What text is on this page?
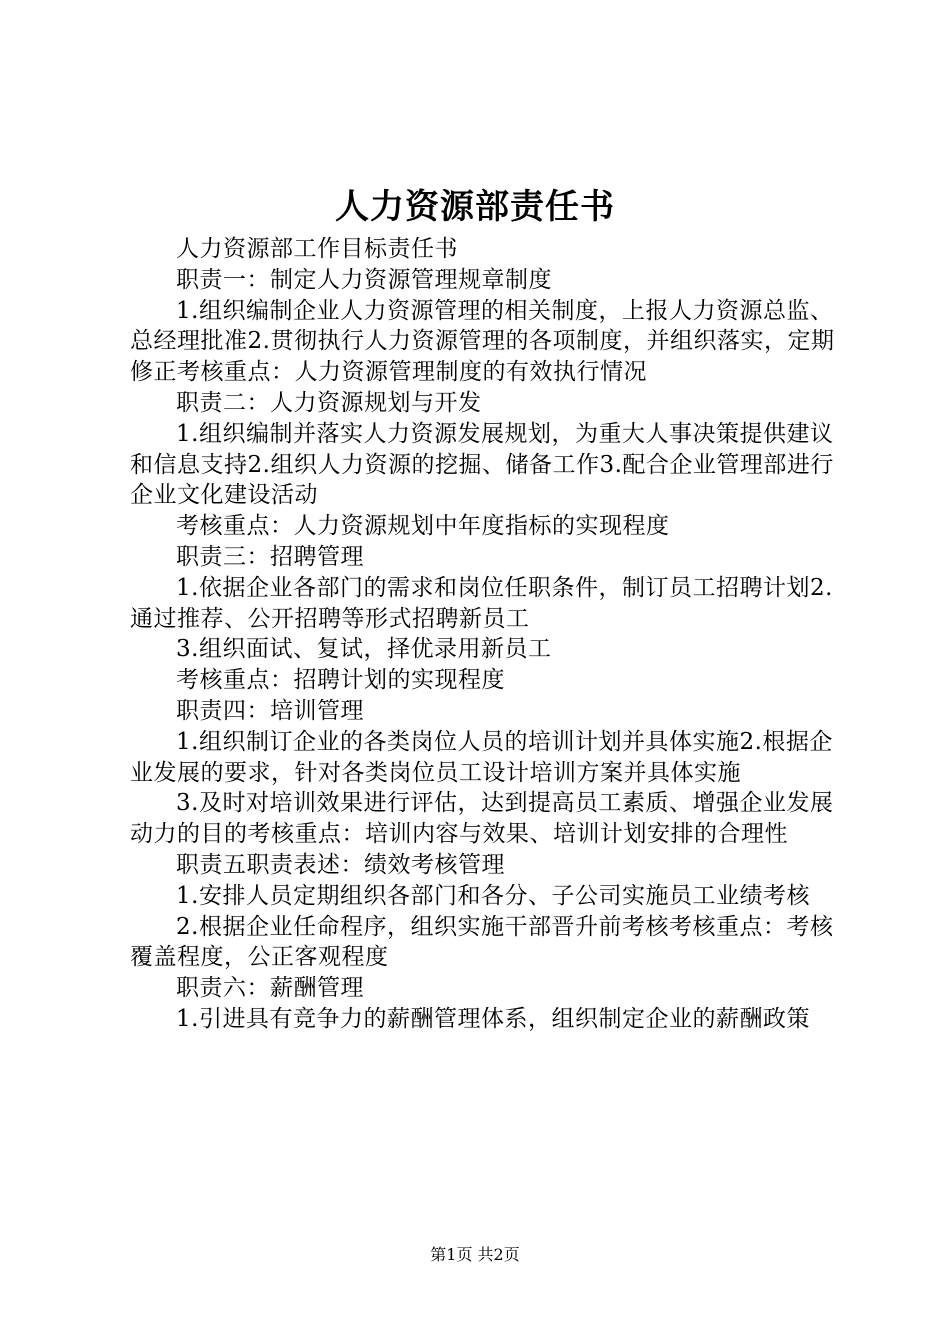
人力资源部责任书

人力资源部工作目标责任书

职责一：制定人力资源管理规章制度

1.组织编制企业人力资源管理的相关制度，上报人力资源总监、总经理批准2.贯彻执行人力资源管理的各项制度，并组织落实，定期修正考核重点：人力资源管理制度的有效执行情况

职责二：人力资源规划与开发

1.组织编制并落实人力资源发展规划，为重大人事决策提供建议和信息支持2.组织人力资源的挖掘、储备工作3.配合企业管理部进行企业文化建设活动

考核重点：人力资源规划中年度指标的实现程度

职责三：招聘管理

1.依据企业各部门的需求和岗位任职条件，制订员工招聘计划2.通过推荐、公开招聘等形式招聘新员工

3.组织面试、复试，择优录用新员工

考核重点：招聘计划的实现程度

职责四：培训管理

1.组织制订企业的各类岗位人员的培训计划并具体实施2.根据企业发展的要求，针对各类岗位员工设计培训方案并具体实施

3.及时对培训效果进行评估，达到提高员工素质、增强企业发展动力的目的考核重点：培训内容与效果、培训计划安排的合理性

职责五职责表述：绩效考核管理

1.安排人员定期组织各部门和各分、子公司实施员工业绩考核

2.根据企业任命程序，组织实施干部晋升前考核考核重点：考核覆盖程度，公正客观程度

职责六：薪酬管理

1.引进具有竞争力的薪酬管理体系，组织制定企业的薪酬政策

第1页 共2页
